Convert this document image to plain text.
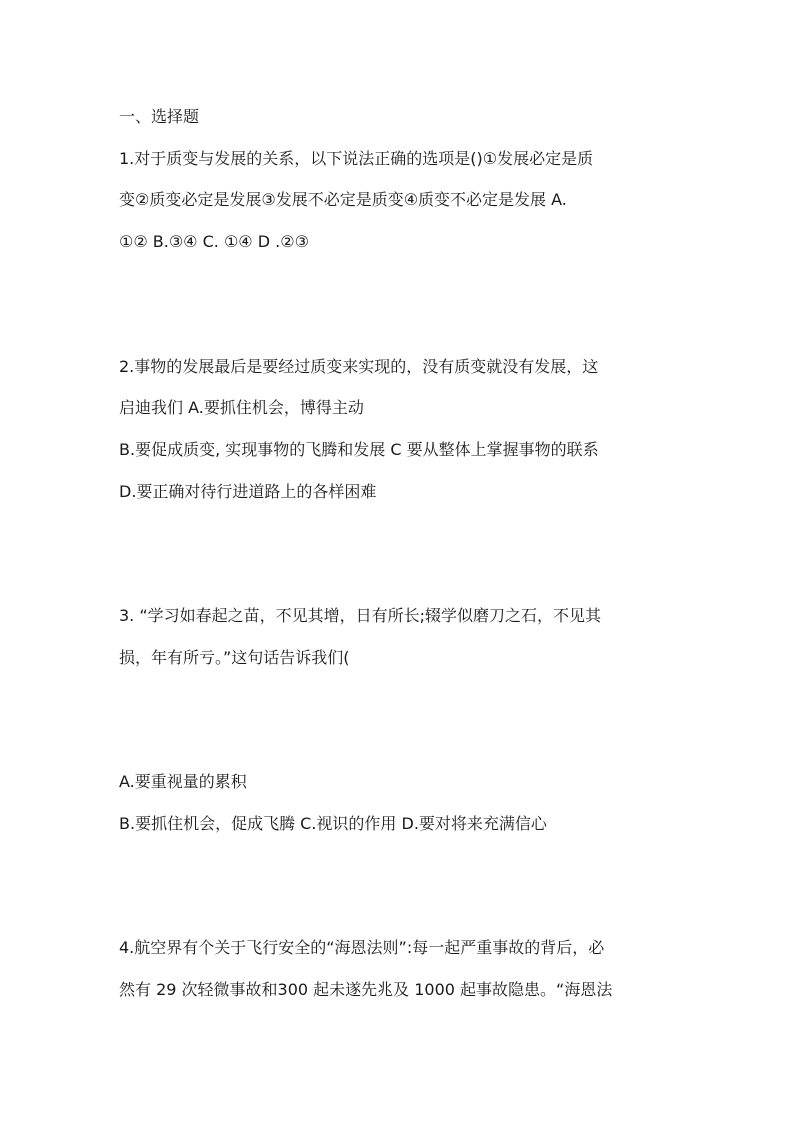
一、选择题
1.对于质变与发展的关系，以下说法正确的选项是()①发展必定是质
变②质变必定是发展③发展不必定是质变④质变不必定是发展 A.
①② B.③④ C. ①④ D .②③
2.事物的发展最后是要经过质变来实现的，没有质变就没有发展，这
启迪我们 A.要抓住机会，博得主动
B.要促成质变, 实现事物的飞腾和发展 C 要从整体上掌握事物的联系
D.要正确对待行进道路上的各样困难
3. “学习如春起之苗，不见其增，日有所长;辍学似磨刀之石，不见其
损，年有所亏。”这句话告诉我们(
A.要重视量的累积
B.要抓住机会，促成飞腾 C.视识的作用 D.要对将来充满信心
4.航空界有个关于飞行安全的“海恩法则”:每一起严重事故的背后，必
然有 29 次轻微事故和300 起未遂先兆及 1000 起事故隐患。“海恩法
